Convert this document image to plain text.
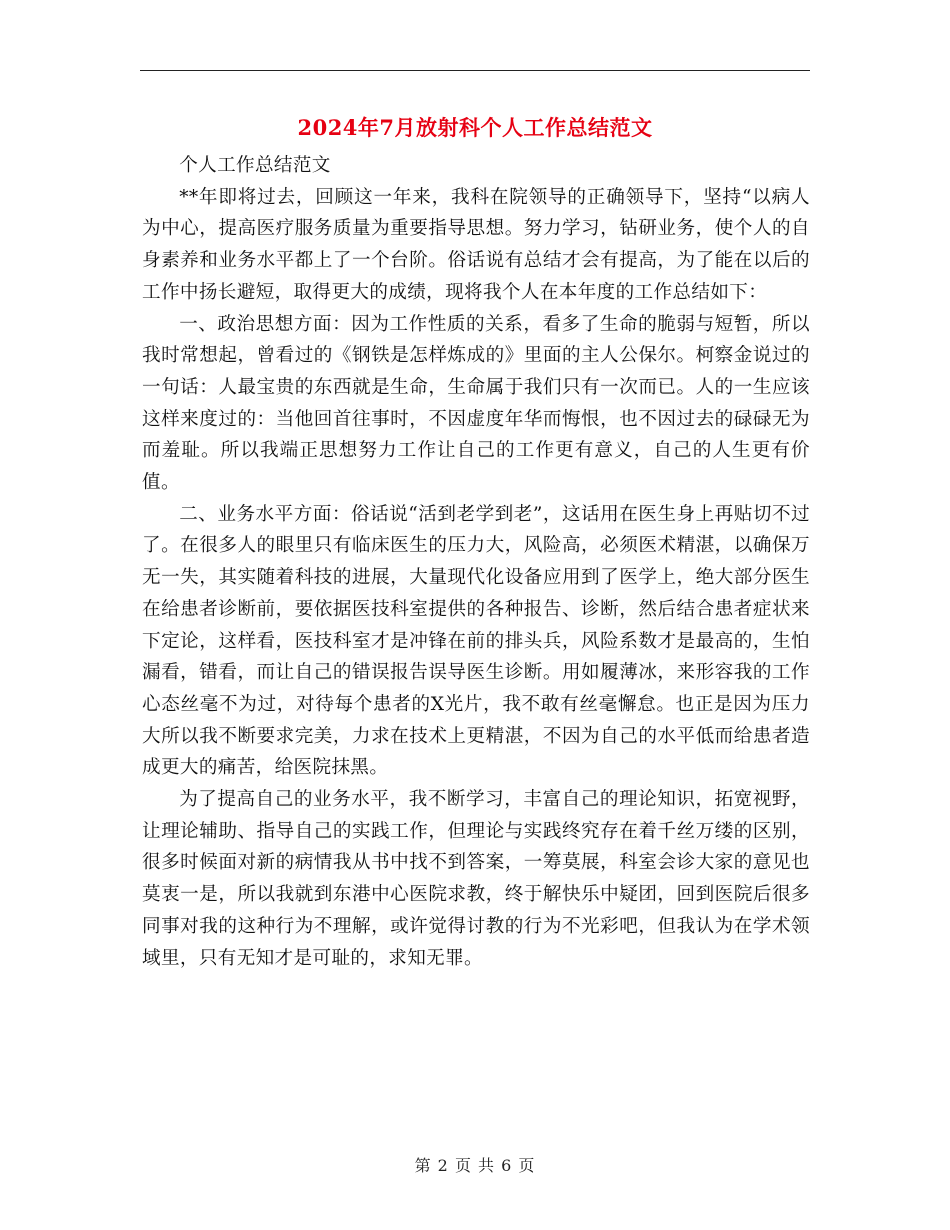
2024年7月放射科个人工作总结范文

个人工作总结范文

**年即将过去，回顾这一年来，我科在院领导的正确领导下，坚持“以病人为中心，提高医疗服务质量为重要指导思想。努力学习，钻研业务，使个人的自身素养和业务水平都上了一个台阶。俗话说有总结才会有提高，为了能在以后的工作中扬长避短，取得更大的成绩，现将我个人在本年度的工作总结如下：

一、政治思想方面：因为工作性质的关系，看多了生命的脆弱与短暂，所以我时常想起，曾看过的《钢铁是怎样炼成的》里面的主人公保尔。柯察金说过的一句话：人最宝贵的东西就是生命，生命属于我们只有一次而已。人的一生应该这样来度过的：当他回首往事时，不因虚度年华而悔恨，也不因过去的碌碌无为而羞耻。所以我端正思想努力工作让自己的工作更有意义，自己的人生更有价值。

二、业务水平方面：俗话说“活到老学到老”，这话用在医生身上再贴切不过了。在很多人的眼里只有临床医生的压力大，风险高，必须医术精湛，以确保万无一失，其实随着科技的进展，大量现代化设备应用到了医学上，绝大部分医生在给患者诊断前，要依据医技科室提供的各种报告、诊断，然后结合患者症状来下定论，这样看，医技科室才是冲锋在前的排头兵，风险系数才是最高的，生怕漏看，错看，而让自己的错误报告误导医生诊断。用如履薄冰，来形容我的工作心态丝毫不为过，对待每个患者的X光片，我不敢有丝毫懈怠。也正是因为压力大所以我不断要求完美，力求在技术上更精湛，不因为自己的水平低而给患者造成更大的痛苦，给医院抹黑。

为了提高自己的业务水平，我不断学习，丰富自己的理论知识，拓宽视野，让理论辅助、指导自己的实践工作，但理论与实践终究存在着千丝万缕的区别，很多时候面对新的病情我从书中找不到答案，一筹莫展，科室会诊大家的意见也莫衷一是，所以我就到东港中心医院求教，终于解快乐中疑团，回到医院后很多同事对我的这种行为不理解，或许觉得讨教的行为不光彩吧，但我认为在学术领域里，只有无知才是可耻的，求知无罪。

第 2 页 共 6 页
